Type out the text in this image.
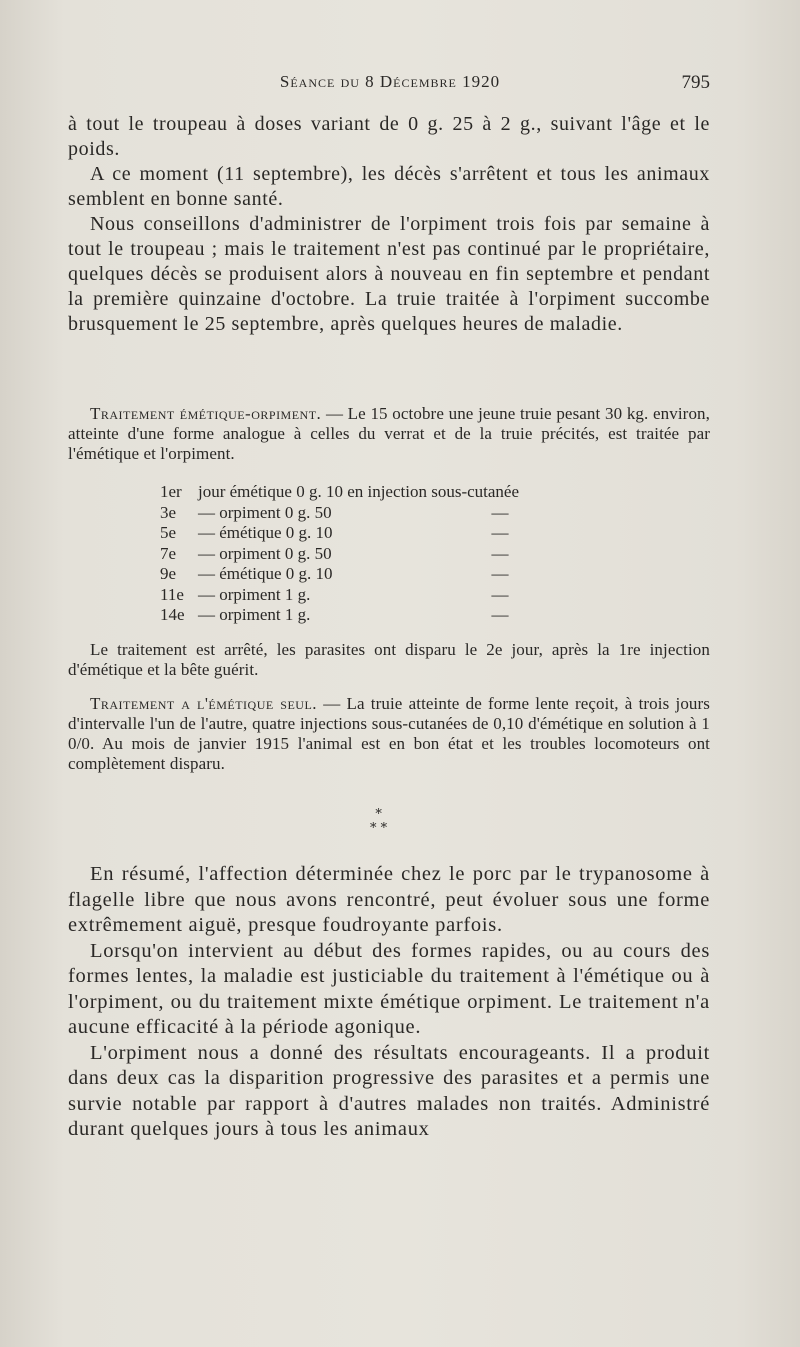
Séance du 8 Décembre 1920	795

à tout le troupeau à doses variant de 0 g. 25 à 2 g., suivant l'âge et le poids.

A ce moment (11 septembre), les décès s'arrêtent et tous les animaux semblent en bonne santé.

Nous conseillons d'administrer de l'orpiment trois fois par semaine à tout le troupeau ; mais le traitement n'est pas continué par le propriétaire, quelques décès se produisent alors à nouveau en fin septembre et pendant la première quinzaine d'octobre. La truie traitée à l'orpiment succombe brusquement le 25 septembre, après quelques heures de maladie.

Traitement émétique-orpiment. — Le 15 octobre une jeune truie pesant 30 kg. environ, atteinte d'une forme analogue à celles du verrat et de la truie précités, est traitée par l'émétique et l'orpiment.

1er jour émétique 0 g. 10 en injection sous-cutanée
3e	— orpiment 0 g. 50	—
5e	— émétique 0 g. 10	—
7e	— orpiment 0 g. 50	—
9e	— émétique 0 g. 10	—
11e — orpiment 1 g.	—
14e — orpiment 1 g.	—

Le traitement est arrêté, les parasites ont disparu le 2e jour, après la 1re injection d'émétique et la bête guérit.

Traitement a l'émétique seul. — La truie atteinte de forme lente reçoit, à trois jours d'intervalle l'un de l'autre, quatre injections sous-cutanées de 0,10 d'émétique en solution à 1 0/0. Au mois de janvier 1915 l'animal est en bon état et les troubles locomoteurs ont complètement disparu.

*
* *

En résumé, l'affection déterminée chez le porc par le trypanosome à flagelle libre que nous avons rencontré, peut évoluer sous une forme extrêmement aiguë, presque foudroyante parfois.

Lorsqu'on intervient au début des formes rapides, ou au cours des formes lentes, la maladie est justiciable du traitement à l'émétique ou à l'orpiment, ou du traitement mixte émétique orpiment. Le traitement n'a aucune efficacité à la période agonique.

L'orpiment nous a donné des résultats encourageants. Il a produit dans deux cas la disparition progressive des parasites et a permis une survie notable par rapport à d'autres malades non traités. Administré durant quelques jours à tous les animaux
